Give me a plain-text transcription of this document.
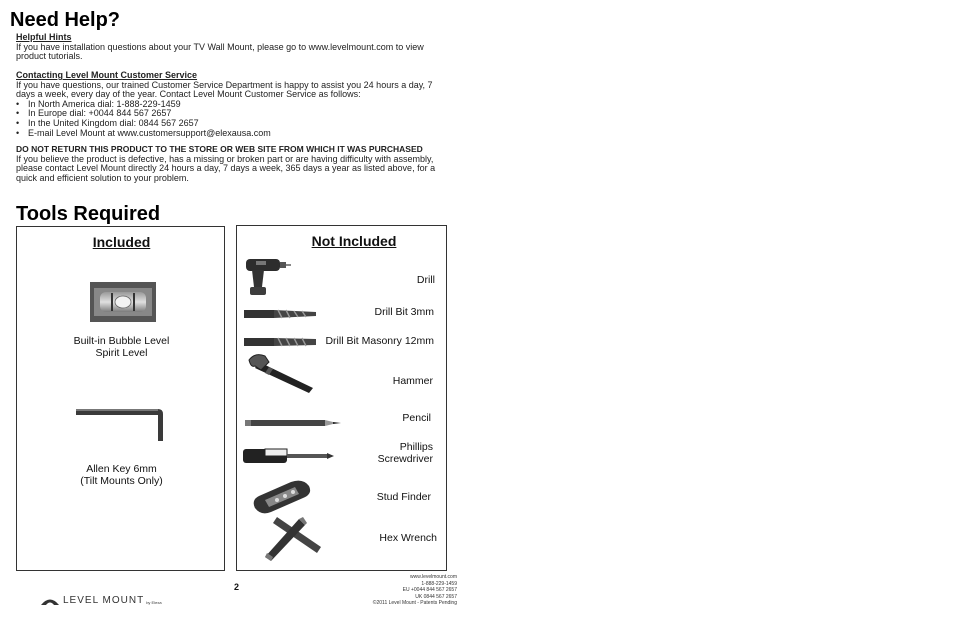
Need Help?
Helpful Hints
If you have installation questions about your TV Wall Mount, please go to www.levelmount.com to view product tutorials.
Contacting Level Mount Customer Service
If you have questions, our trained Customer Service Department is happy to assist you 24 hours a day, 7 days a week, every day of the year. Contact Level Mount Customer Service as follows:
• In North America dial: 1-888-229-1459
• In Europe dial: +0044 844 567 2657
• In the United Kingdom dial: 0844 567 2657
• E-mail Level Mount at www.customersupport@elexausa.com
DO NOT RETURN THIS PRODUCT TO THE STORE OR WEB SITE FROM WHICH IT WAS PURCHASED
If you believe the product is defective, has a missing or broken part or are having difficulty with assembly, please contact Level Mount directly 24 hours a day, 7 days a week, 365 days a year as listed above, for a quick and efficient solution to your problem.
Tools Required
Included
Built-in Bubble Level
Spirit Level
Allen Key 6mm
(Tilt Mounts Only)
Not Included
Drill
Drill Bit 3mm
Drill Bit Masonry 12mm
Hammer
Pencil
Phillips
Screwdriver
Stud Finder
Hex Wrench
2
LEVEL MOUNT by Elexa
www.levelmount.com
1-888-229-1459
EU +0044 844 567 2657
UK 0844 567 2657
©2011 Level Mount - Patents Pending
